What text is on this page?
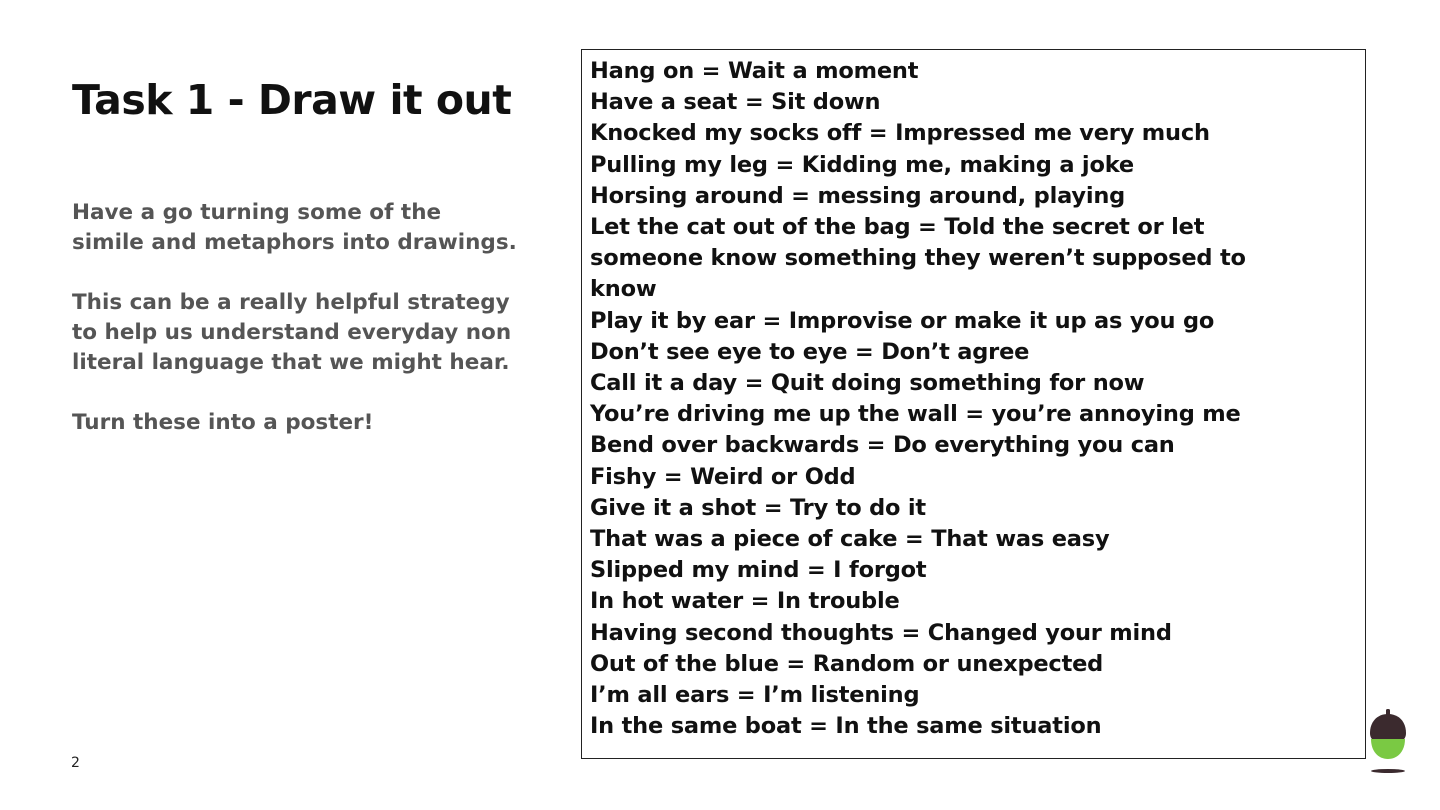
Task 1 - Draw it out

Have a go turning some of the
simile and metaphors into drawings.

This can be a really helpful strategy
to help us understand everyday non
literal language that we might hear.

Turn these into a poster!

Hang on = Wait a moment
Have a seat = Sit down
Knocked my socks off = Impressed me very much
Pulling my leg = Kidding me, making a joke
Horsing around = messing around, playing
Let the cat out of the bag = Told the secret or let
someone know something they weren’t supposed to
know
Play it by ear = Improvise or make it up as you go
Don’t see eye to eye = Don’t agree
Call it a day = Quit doing something for now
You’re driving me up the wall = you’re annoying me
Bend over backwards = Do everything you can
Fishy = Weird or Odd
Give it a shot = Try to do it
That was a piece of cake = That was easy
Slipped my mind = I forgot
In hot water = In trouble
Having second thoughts = Changed your mind
Out of the blue = Random or unexpected
I’m all ears = I’m listening
In the same boat = In the same situation
2
